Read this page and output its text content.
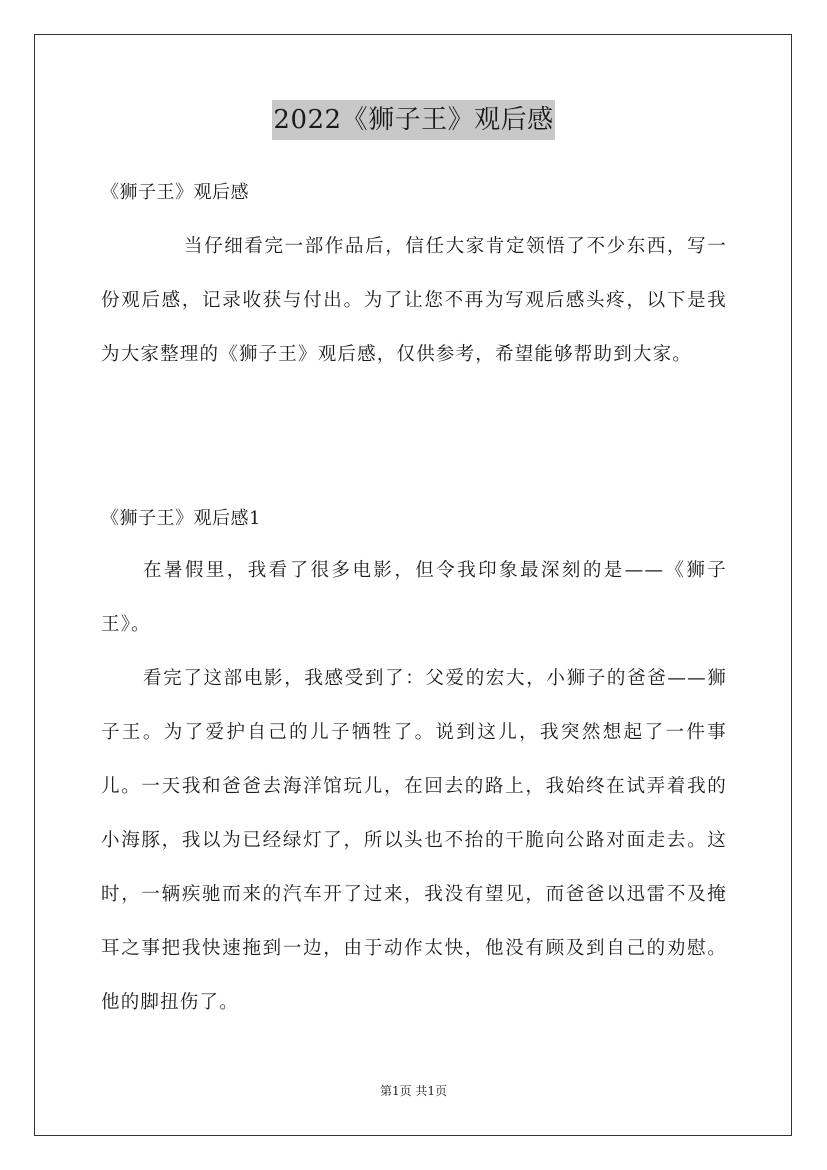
2022《狮子王》观后感

《狮子王》观后感

当仔细看完一部作品后，信任大家肯定领悟了不少东西，写一份观后感，记录收获与付出。为了让您不再为写观后感头疼，以下是我为大家整理的《狮子王》观后感，仅供参考，希望能够帮助到大家。

《狮子王》观后感1

在暑假里，我看了很多电影，但令我印象最深刻的是——《狮子王》。

看完了这部电影，我感受到了：父爱的宏大，小狮子的爸爸——狮子王。为了爱护自己的儿子牺牲了。说到这儿，我突然想起了一件事儿。一天我和爸爸去海洋馆玩儿，在回去的路上，我始终在试弄着我的小海豚，我以为已经绿灯了，所以头也不抬的干脆向公路对面走去。这时，一辆疾驰而来的汽车开了过来，我没有望见，而爸爸以迅雷不及掩耳之事把我快速拖到一边，由于动作太快，他没有顾及到自己的劝慰。他的脚扭伤了。

第1页 共1页
